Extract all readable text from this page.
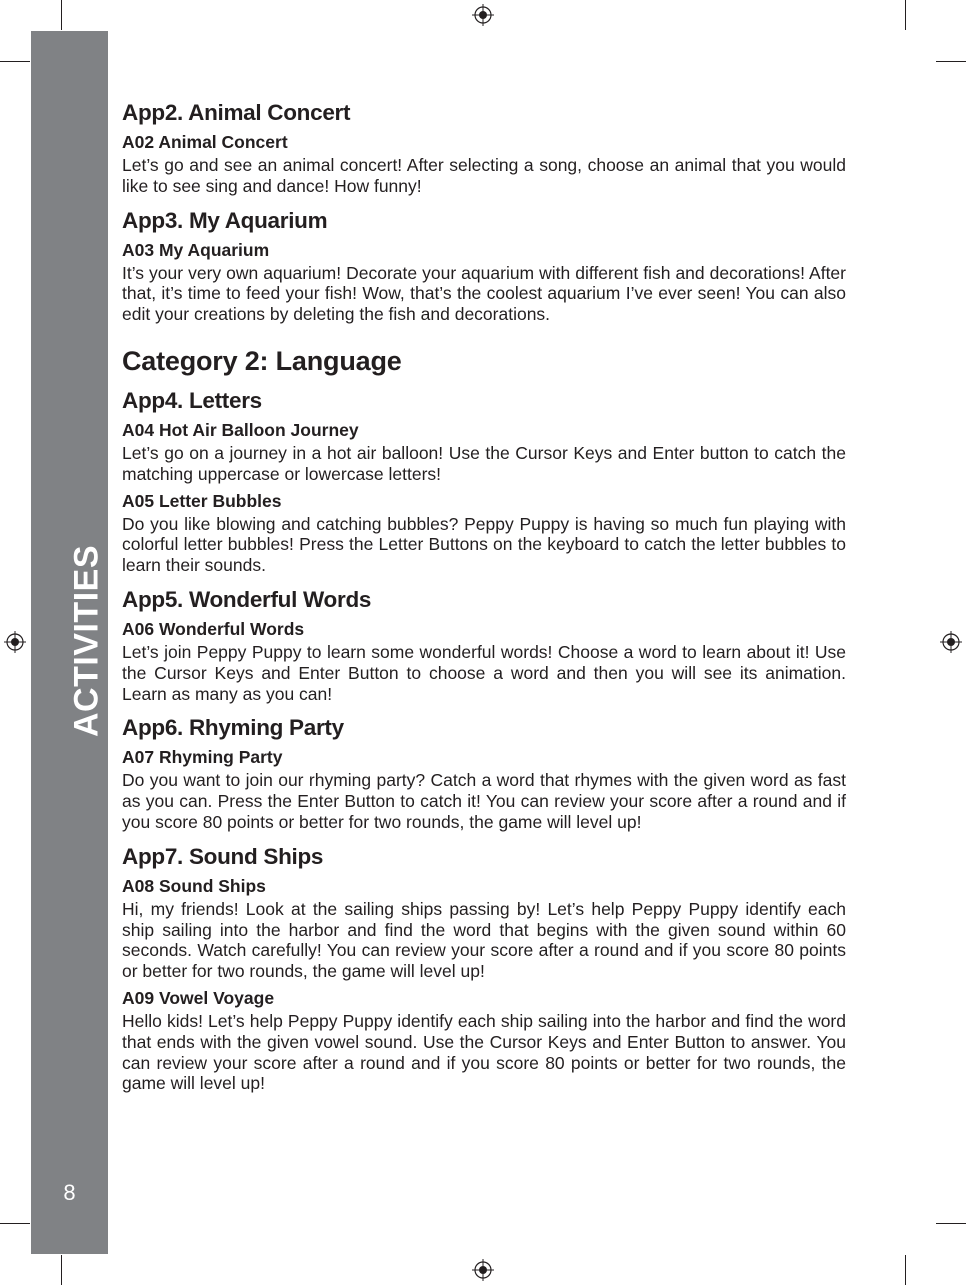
ACTIVITIES
8
App2. Animal Concert
A02 Animal Concert
Let’s go and see an animal concert! After selecting a song, choose an animal that you would like to see sing and dance! How funny!
App3. My Aquarium
A03 My Aquarium
It’s your very own aquarium! Decorate your aquarium with different fish and decorations! After that, it’s time to feed your fish! Wow, that’s the coolest aquarium I’ve ever seen! You can also edit your creations by deleting the fish and decorations.
Category 2: Language
App4. Letters
A04 Hot Air Balloon Journey
Let’s go on a journey in a hot air balloon! Use the Cursor Keys and Enter button to catch the matching uppercase or lowercase letters!
A05 Letter Bubbles
Do you like blowing and catching bubbles? Peppy Puppy is having so much fun playing with colorful letter bubbles! Press the Letter Buttons on the keyboard to catch the letter bubbles to learn their sounds.
App5. Wonderful Words
A06 Wonderful Words
Let’s join Peppy Puppy to learn some wonderful words! Choose a word to learn about it! Use the Cursor Keys and Enter Button to choose a word and then you will see its animation. Learn as many as you can!
App6. Rhyming Party
A07 Rhyming Party
Do you want to join our rhyming party? Catch a word that rhymes with the given word as fast as you can. Press the Enter Button to catch it! You can review your score after a round and if you score 80 points or better for two rounds, the game will level up!
App7. Sound Ships
A08 Sound Ships
Hi, my friends! Look at the sailing ships passing by! Let’s help Peppy Puppy identify each ship sailing into the harbor and find the word that begins with the given sound within 60 seconds. Watch carefully! You can review your score after a round and if you score 80 points or better for two rounds, the game will level up!
A09 Vowel Voyage
Hello kids! Let’s help Peppy Puppy identify each ship sailing into the harbor and find the word that ends with the given vowel sound. Use the Cursor Keys and Enter Button to answer. You can review your score after a round and if you score 80 points or better for two rounds, the game will level up!
